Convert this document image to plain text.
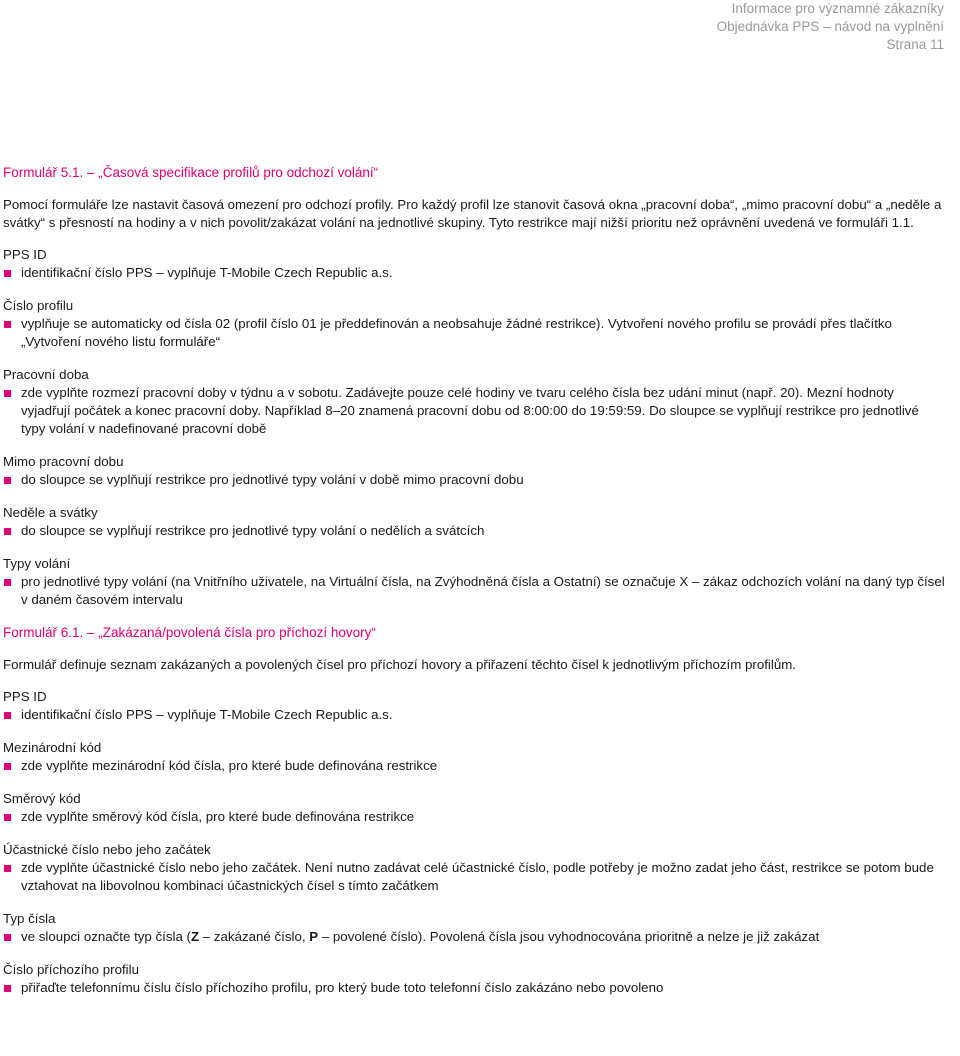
Informace pro významné zákazníky
Objednávka PPS – návod na vyplnění
Strana 11
Formulář 5.1. – „Časová specifikace profilů pro odchozí volání“

Pomocí formuláře lze nastavit časová omezení pro odchozí profily. Pro každý profil lze stanovit časová okna „pracovní doba“, „mimo pracovní dobu“ a „neděle a svátky“ s přesností na hodiny a v nich povolit/zakázat volání na jednotlivé skupiny. Tyto restrikce mají nižší prioritu než oprávnění uvedená ve formuláři 1.1.

PPS ID
identifikační číslo PPS – vyplňuje T-Mobile Czech Republic a.s.
Číslo profilu
vyplňuje se automaticky od čísla 02 (profil číslo 01 je předdefinován a neobsahuje žádné restrikce). Vytvoření nového profilu se provádí přes tlačítko „Vytvoření nového listu formuláře“
Pracovní doba
zde vyplňte rozmezí pracovní doby v týdnu a v sobotu. Zadávejte pouze celé hodiny ve tvaru celého čísla bez udání minut (např. 20). Mezní hodnoty vyjadřují počátek a konec pracovní doby. Například 8–20 znamená pracovní dobu od 8:00:00 do 19:59:59. Do sloupce se vyplňují restrikce pro jednotlivé typy volání v nadefinované pracovní době
Mimo pracovní dobu
do sloupce se vyplňují restrikce pro jednotlivé typy volání v době mimo pracovní dobu
Neděle a svátky
do sloupce se vyplňují restrikce pro jednotlivé typy volání o nedělích a svátcích
Typy volání
pro jednotlivé typy volání (na Vnitřního uživatele, na Virtuální čísla, na Zvýhodněná čísla a Ostatní) se označuje X – zákaz odchozích volání na daný typ čísel v daném časovém intervalu
Formulář 6.1. – „Zakázaná/povolená čísla pro příchozí hovory“

Formulář definuje seznam zakázaných a povolených čísel pro příchozí hovory a přiřazení těchto čísel k jednotlivým příchozím profilům.

PPS ID
identifikační číslo PPS – vyplňuje T-Mobile Czech Republic a.s.
Mezinárodní kód
zde vyplňte mezinárodní kód čísla, pro které bude definována restrikce
Směrový kód
zde vyplňte směrový kód čísla, pro které bude definována restrikce
Účastnické číslo nebo jeho začátek
zde vyplňte účastnické číslo nebo jeho začátek. Není nutno zadávat celé účastnické číslo, podle potřeby je možno zadat jeho část, restrikce se potom bude vztahovat na libovolnou kombinaci účastnických čísel s tímto začátkem
Typ čísla
ve sloupci označte typ čísla (Z – zakázané číslo, P – povolené číslo). Povolená čísla jsou vyhodnocována prioritně a nelze je již zakázat
Číslo příchozího profilu
přiřaďte telefonnímu číslu číslo příchozího profilu, pro který bude toto telefonní číslo zakázáno nebo povoleno
